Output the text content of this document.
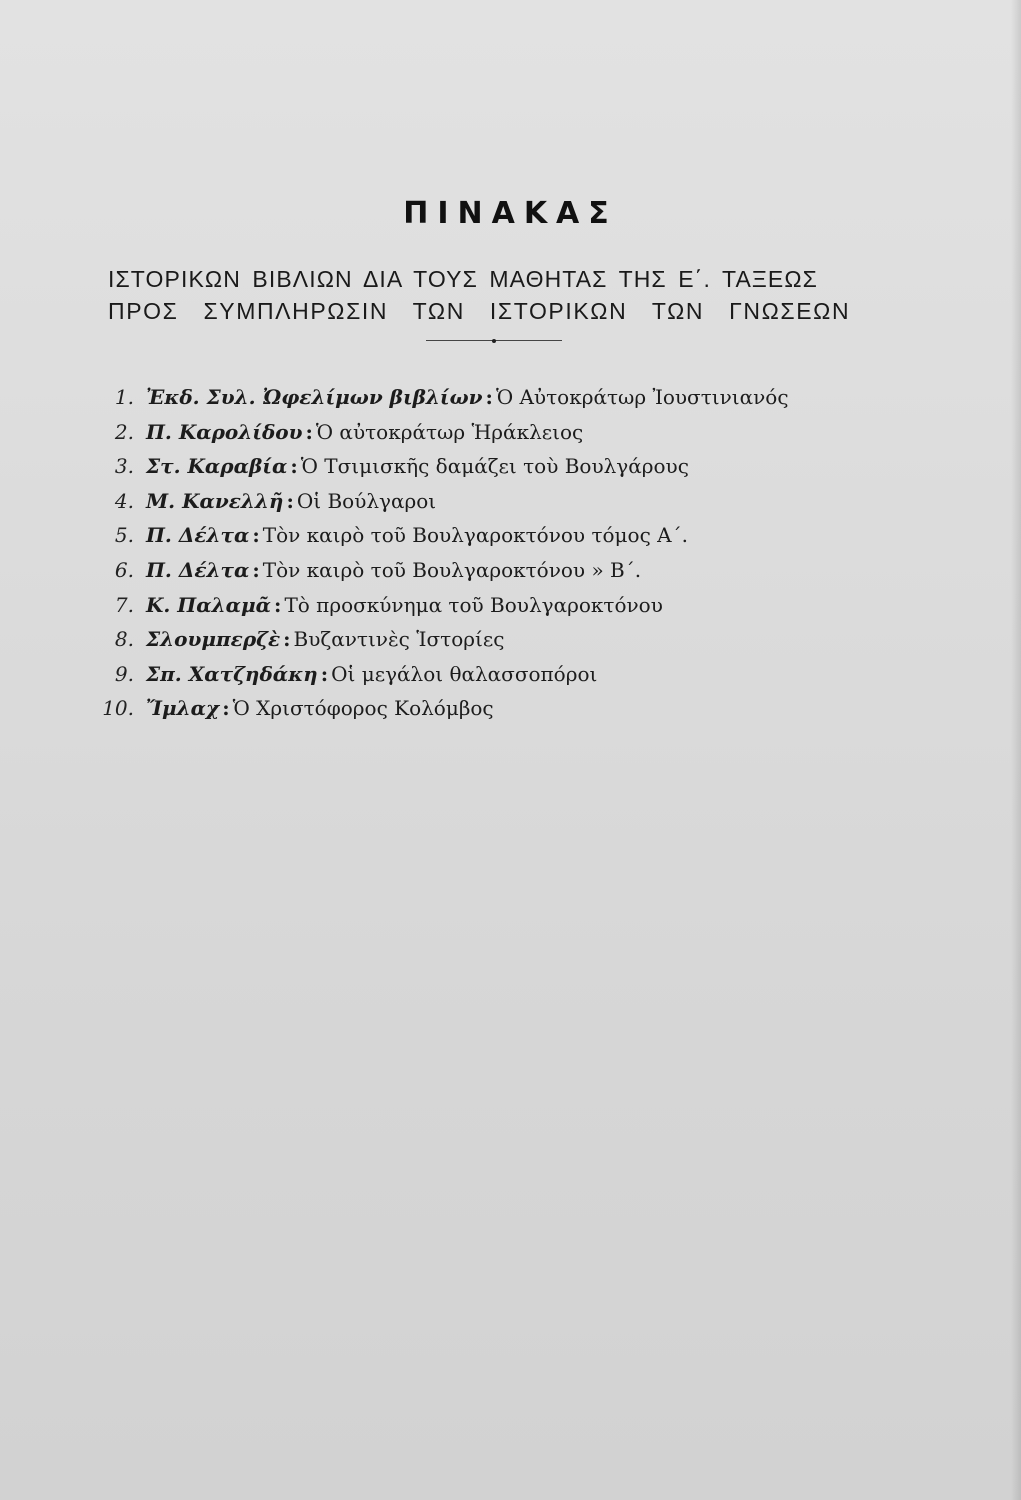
ΠΙΝΑΚΑΣ
ΙΣΤΟΡΙΚΩΝ ΒΙΒΛΙΩΝ ΔΙΑ ΤΟΥΣ ΜΑΘΗΤΑΣ ΤΗΣ Ε΄. ΤΑΞΕΩΣ
ΠΡΟΣ ΣΥΜΠΛΗΡΩΣΙΝ ΤΩΝ ΙΣΤΟΡΙΚΩΝ ΤΩΝ ΓΝΩΣΕΩΝ
1. Ἐκδ. Συλ. Ὠφελίμων βιβλίων : Ὁ Αὐτοκράτωρ Ἰουστινιανός
2. Π. Καρολίδου : Ὁ αὐτοκράτωρ Ἡράκλειος
3. Στ. Καραβία : Ὁ Τσιμισκῆς δαμάζει τοὺ Βουλγάρους
4. Μ. Κανελλῆ : Οἱ Βούλγαροι
5. Π. Δέλτα : Τὸν καιρὸ τοῦ Βουλγαροκτόνου τόμος Α΄.
6. Π. Δέλτα : Τὸν καιρὸ τοῦ Βουλγαροκτόνου » Β΄.
7. Κ. Παλαμᾶ : Τὸ προσκύνημα τοῦ Βουλγαροκτόνου
8. Σλουμπερζὲ : Βυζαντινὲς Ἱστορίες
9. Σπ. Χατζηδάκη : Οἱ μεγάλοι θαλασσοπόροι
10. Ἴμλαχ : Ὁ Χριστόφορος Κολόμβος
